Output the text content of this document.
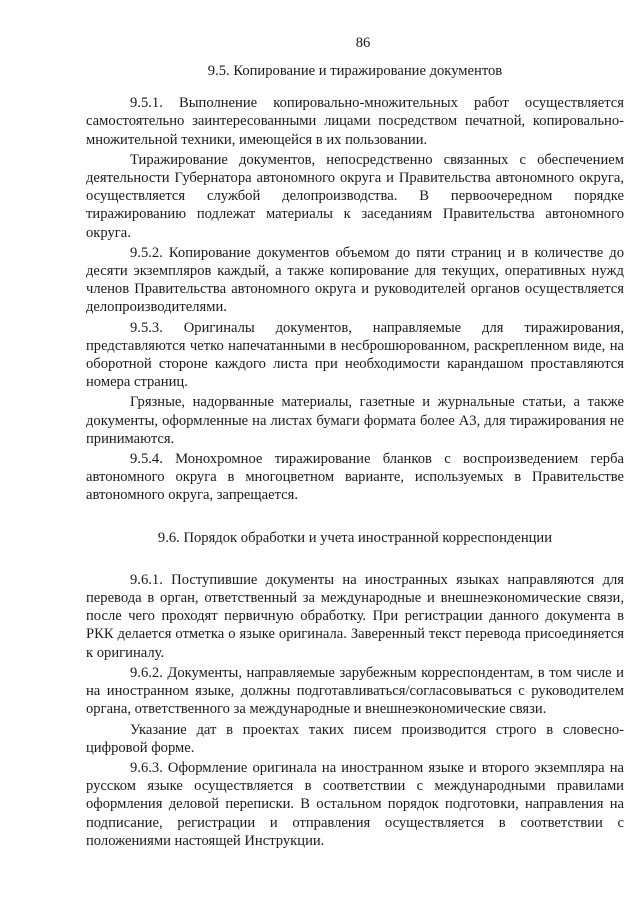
86
9.5. Копирование и тиражирование документов

9.5.1. Выполнение копировально-множительных работ осуществляется самостоятельно заинтересованными лицами посредством печатной, копировально-множительной техники, имеющейся в их пользовании.

Тиражирование документов, непосредственно связанных с обеспечением деятельности Губернатора автономного округа и Правительства автономного округа, осуществляется службой делопроизводства. В первоочередном порядке тиражированию подлежат материалы к заседаниям Правительства автономного округа.

9.5.2. Копирование документов объемом до пяти страниц и в количестве до десяти экземпляров каждый, а также копирование для текущих, оперативных нужд членов Правительства автономного округа и руководителей органов осуществляется делопроизводителями.

9.5.3. Оригиналы документов, направляемые для тиражирования, представляются четко напечатанными в несброшюрованном, раскрепленном виде, на оборотной стороне каждого листа при необходимости карандашом проставляются номера страниц.

Грязные, надорванные материалы, газетные и журнальные статьи, а также документы, оформленные на листах бумаги формата более А3, для тиражирования не принимаются.

9.5.4. Монохромное тиражирование бланков с воспроизведением герба автономного округа в многоцветном варианте, используемых в Правительстве автономного округа, запрещается.

9.6. Порядок обработки и учета иностранной корреспонденции

9.6.1. Поступившие документы на иностранных языках направляются для перевода в орган, ответственный за международные и внешнеэкономические связи, после чего проходят первичную обработку. При регистрации данного документа в РКК делается отметка о языке оригинала. Заверенный текст перевода присоединяется к оригиналу.

9.6.2. Документы, направляемые зарубежным корреспондентам, в том числе и на иностранном языке, должны подготавливаться/согласовываться с руководителем органа, ответственного за международные и внешнеэкономические связи.

Указание дат в проектах таких писем производится строго в словесно-цифровой форме.

9.6.3. Оформление оригинала на иностранном языке и второго экземпляра на русском языке осуществляется в соответствии с международными правилами оформления деловой переписки. В остальном порядок подготовки, направления на подписание, регистрации и отправления осуществляется в соответствии с положениями настоящей Инструкции.
